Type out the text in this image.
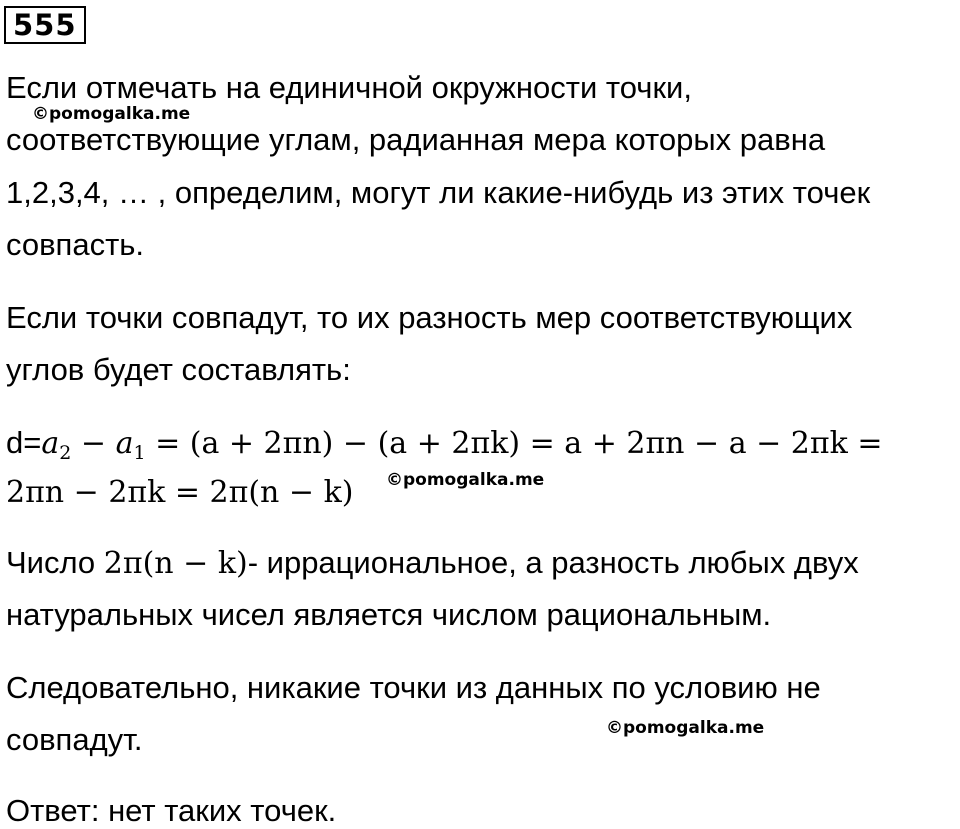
555
Если отмечать на единичной окружности точки,
соответствующие углам, радианная мера которых равна
1,2,3,4, … , определим, могут ли какие-нибудь из этих точек
совпасть.
Если точки совпадут, то их разность мер соответствующих
углов будет составлять:
$d=a_2 - a_1 = (a + 2\pi n) - (a + 2\pi k) = a + 2\pi n - a - 2\pi k$ =
2πn − 2πk = 2π(n − k)
Число 2π(n − k)- иррациональное, а разность любых двух
натуральных чисел является числом рациональным.
Следовательно, никакие точки из данных по условию не
совпадут.
Ответ: нет таких точек.
©pomogalka.me
©pomogalka.me
©pomogalka.me
